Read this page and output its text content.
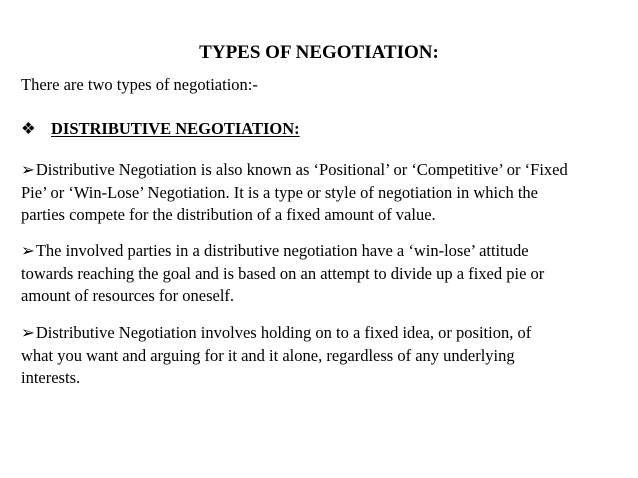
TYPES OF NEGOTIATION:
There are two types of negotiation:-
❖ DISTRIBUTIVE NEGOTIATION:
➢Distributive Negotiation is also known as ‘Positional’ or ‘Competitive’ or ‘Fixed
Pie’ or ‘Win-Lose’ Negotiation. It is a type or style of negotiation in which the
parties compete for the distribution of a fixed amount of value.
➢The involved parties in a distributive negotiation have a ‘win-lose’ attitude
towards reaching the goal and is based on an attempt to divide up a fixed pie or
amount of resources for oneself.
➢Distributive Negotiation involves holding on to a fixed idea, or position, of
what you want and arguing for it and it alone, regardless of any underlying
interests.
